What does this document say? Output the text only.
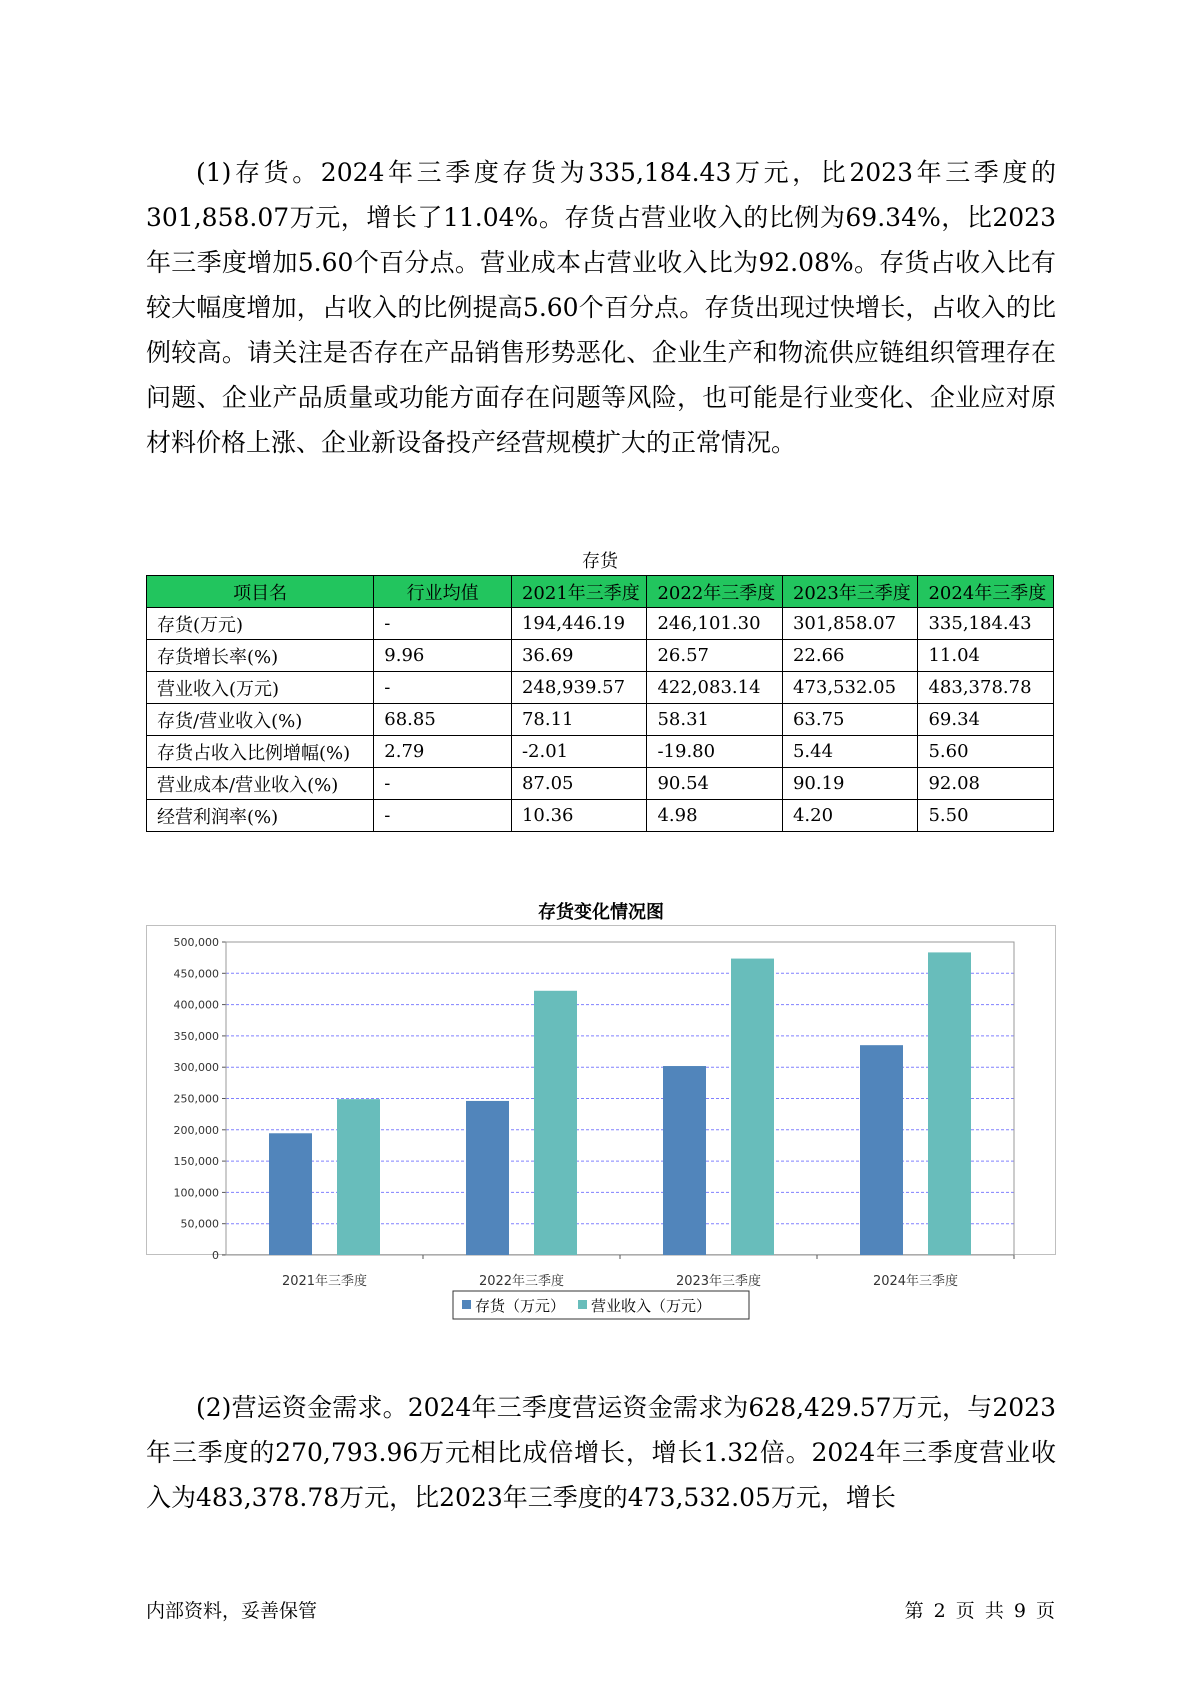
(1)存货。2024年三季度存货为335,184.43万元，比2023年三季度的301,858.07万元，增长了11.04%。存货占营业收入的比例为69.34%，比2023年三季度增加5.60个百分点。营业成本占营业收入比为92.08%。存货占收入比有较大幅度增加，占收入的比例提高5.60个百分点。存货出现过快增长，占收入的比例较高。请关注是否存在产品销售形势恶化、企业生产和物流供应链组织管理存在问题、企业产品质量或功能方面存在问题等风险，也可能是行业变化、企业应对原材料价格上涨、企业新设备投产经营规模扩大的正常情况。

存货
项目名	行业均值	2021年三季度	2022年三季度	2023年三季度	2024年三季度
存货(万元)	-	194,446.19	246,101.30	301,858.07	335,184.43
存货增长率(%)	9.96	36.69	26.57	22.66	11.04
营业收入(万元)	-	248,939.57	422,083.14	473,532.05	483,378.78
存货/营业收入(%)	68.85	78.11	58.31	63.75	69.34
存货占收入比例增幅(%)	2.79	-2.01	-19.80	5.44	5.60
营业成本/营业收入(%)	-	87.05	90.54	90.19	92.08
经营利润率(%)	-	10.36	4.98	4.20	5.50
存货变化情况图
0
50,000
100,000
150,000
200,000
250,000
300,000
350,000
400,000
450,000
500,000
2021年三季度	2022年三季度	2023年三季度	2024年三季度
存货（万元） 营业收入（万元）

(2)营运资金需求。2024年三季度营运资金需求为628,429.57万元，与2023年三季度的270,793.96万元相比成倍增长，增长1.32倍。2024年三季度营业收入为483,378.78万元，比2023年三季度的473,532.05万元，增长

内部资料，妥善保管	第 2 页 共 9 页
